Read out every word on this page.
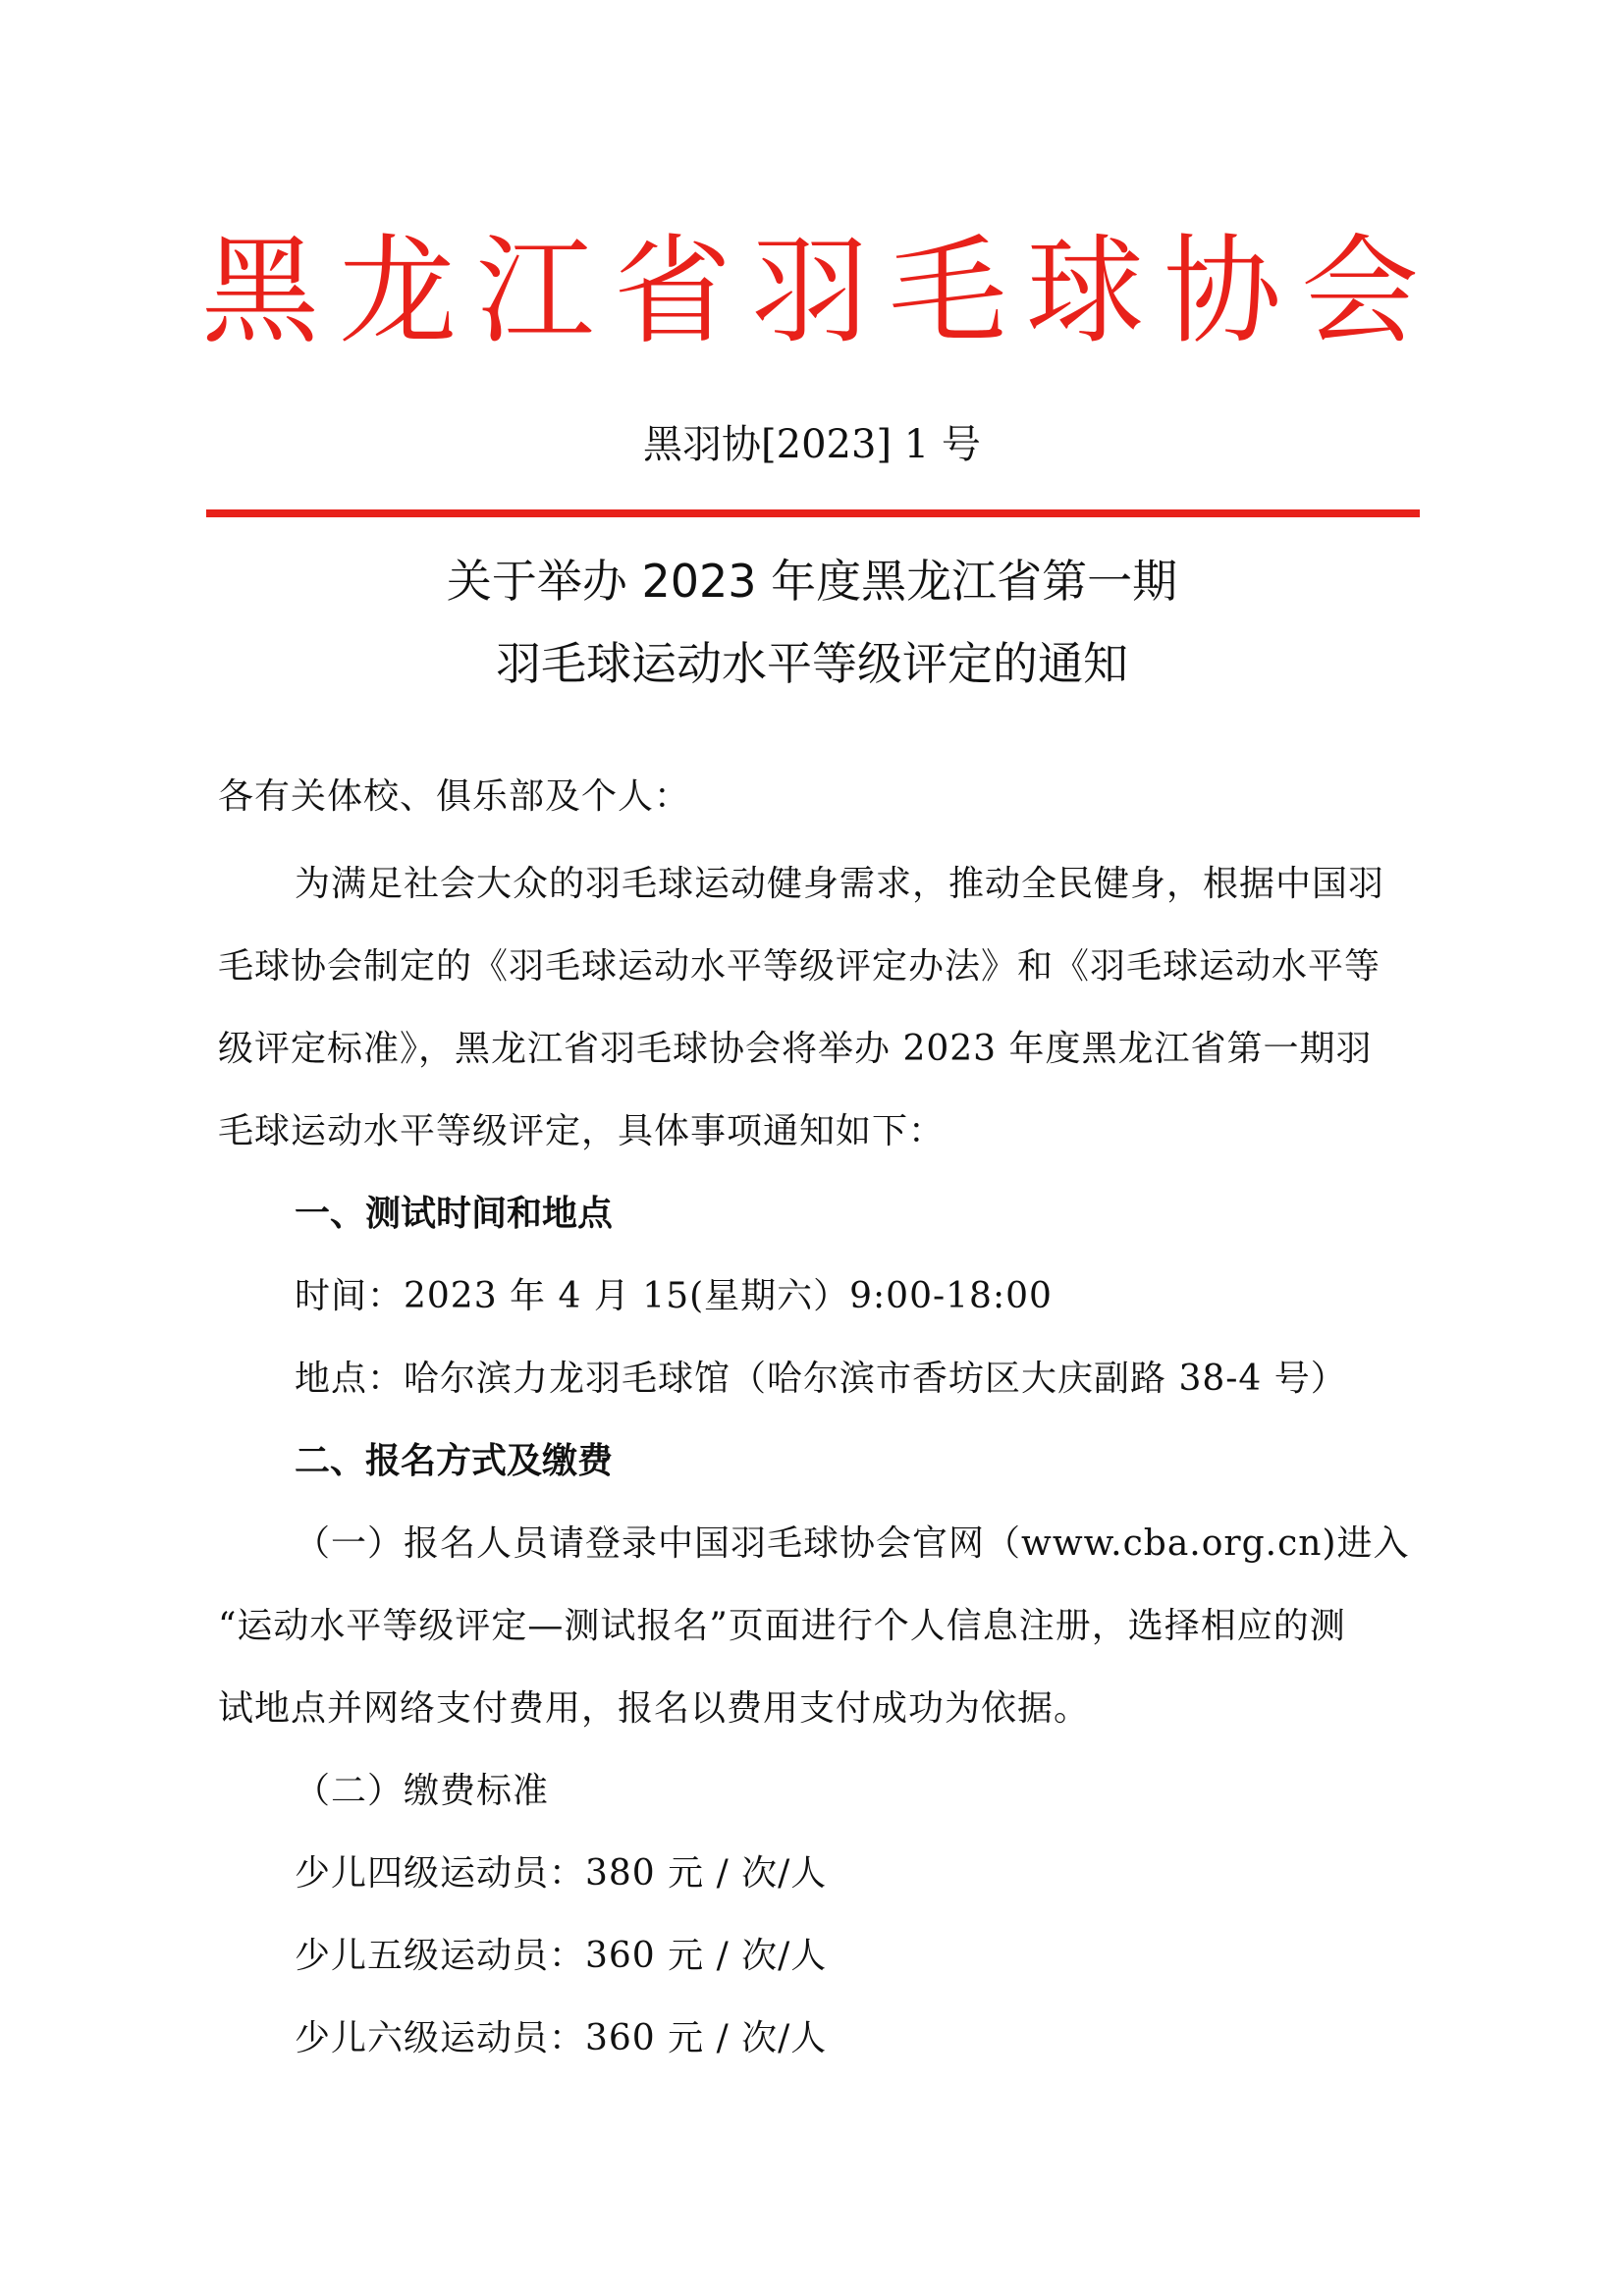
黑龙江省羽毛球协会
黑羽协[2023] 1 号
关于举办 2023 年度黑龙江省第一期
羽毛球运动水平等级评定的通知
各有关体校、俱乐部及个人：
为满足社会大众的羽毛球运动健身需求，推动全民健身，根据中国羽
毛球协会制定的《羽毛球运动水平等级评定办法》和《羽毛球运动水平等
级评定标准》，黑龙江省羽毛球协会将举办 2023 年度黑龙江省第一期羽
毛球运动水平等级评定，具体事项通知如下：
一、测试时间和地点
时间：2023 年 4 月 15(星期六）9:00-18:00
地点：哈尔滨力龙羽毛球馆（哈尔滨市香坊区大庆副路 38-4 号）
二、报名方式及缴费
（一）报名人员请登录中国羽毛球协会官网（www.cba.org.cn)进入
“运动水平等级评定—测试报名”页面进行个人信息注册，选择相应的测
试地点并网络支付费用，报名以费用支付成功为依据。
（二）缴费标准
少儿四级运动员：380 元 / 次/人
少儿五级运动员：360 元 / 次/人
少儿六级运动员：360 元 / 次/人
